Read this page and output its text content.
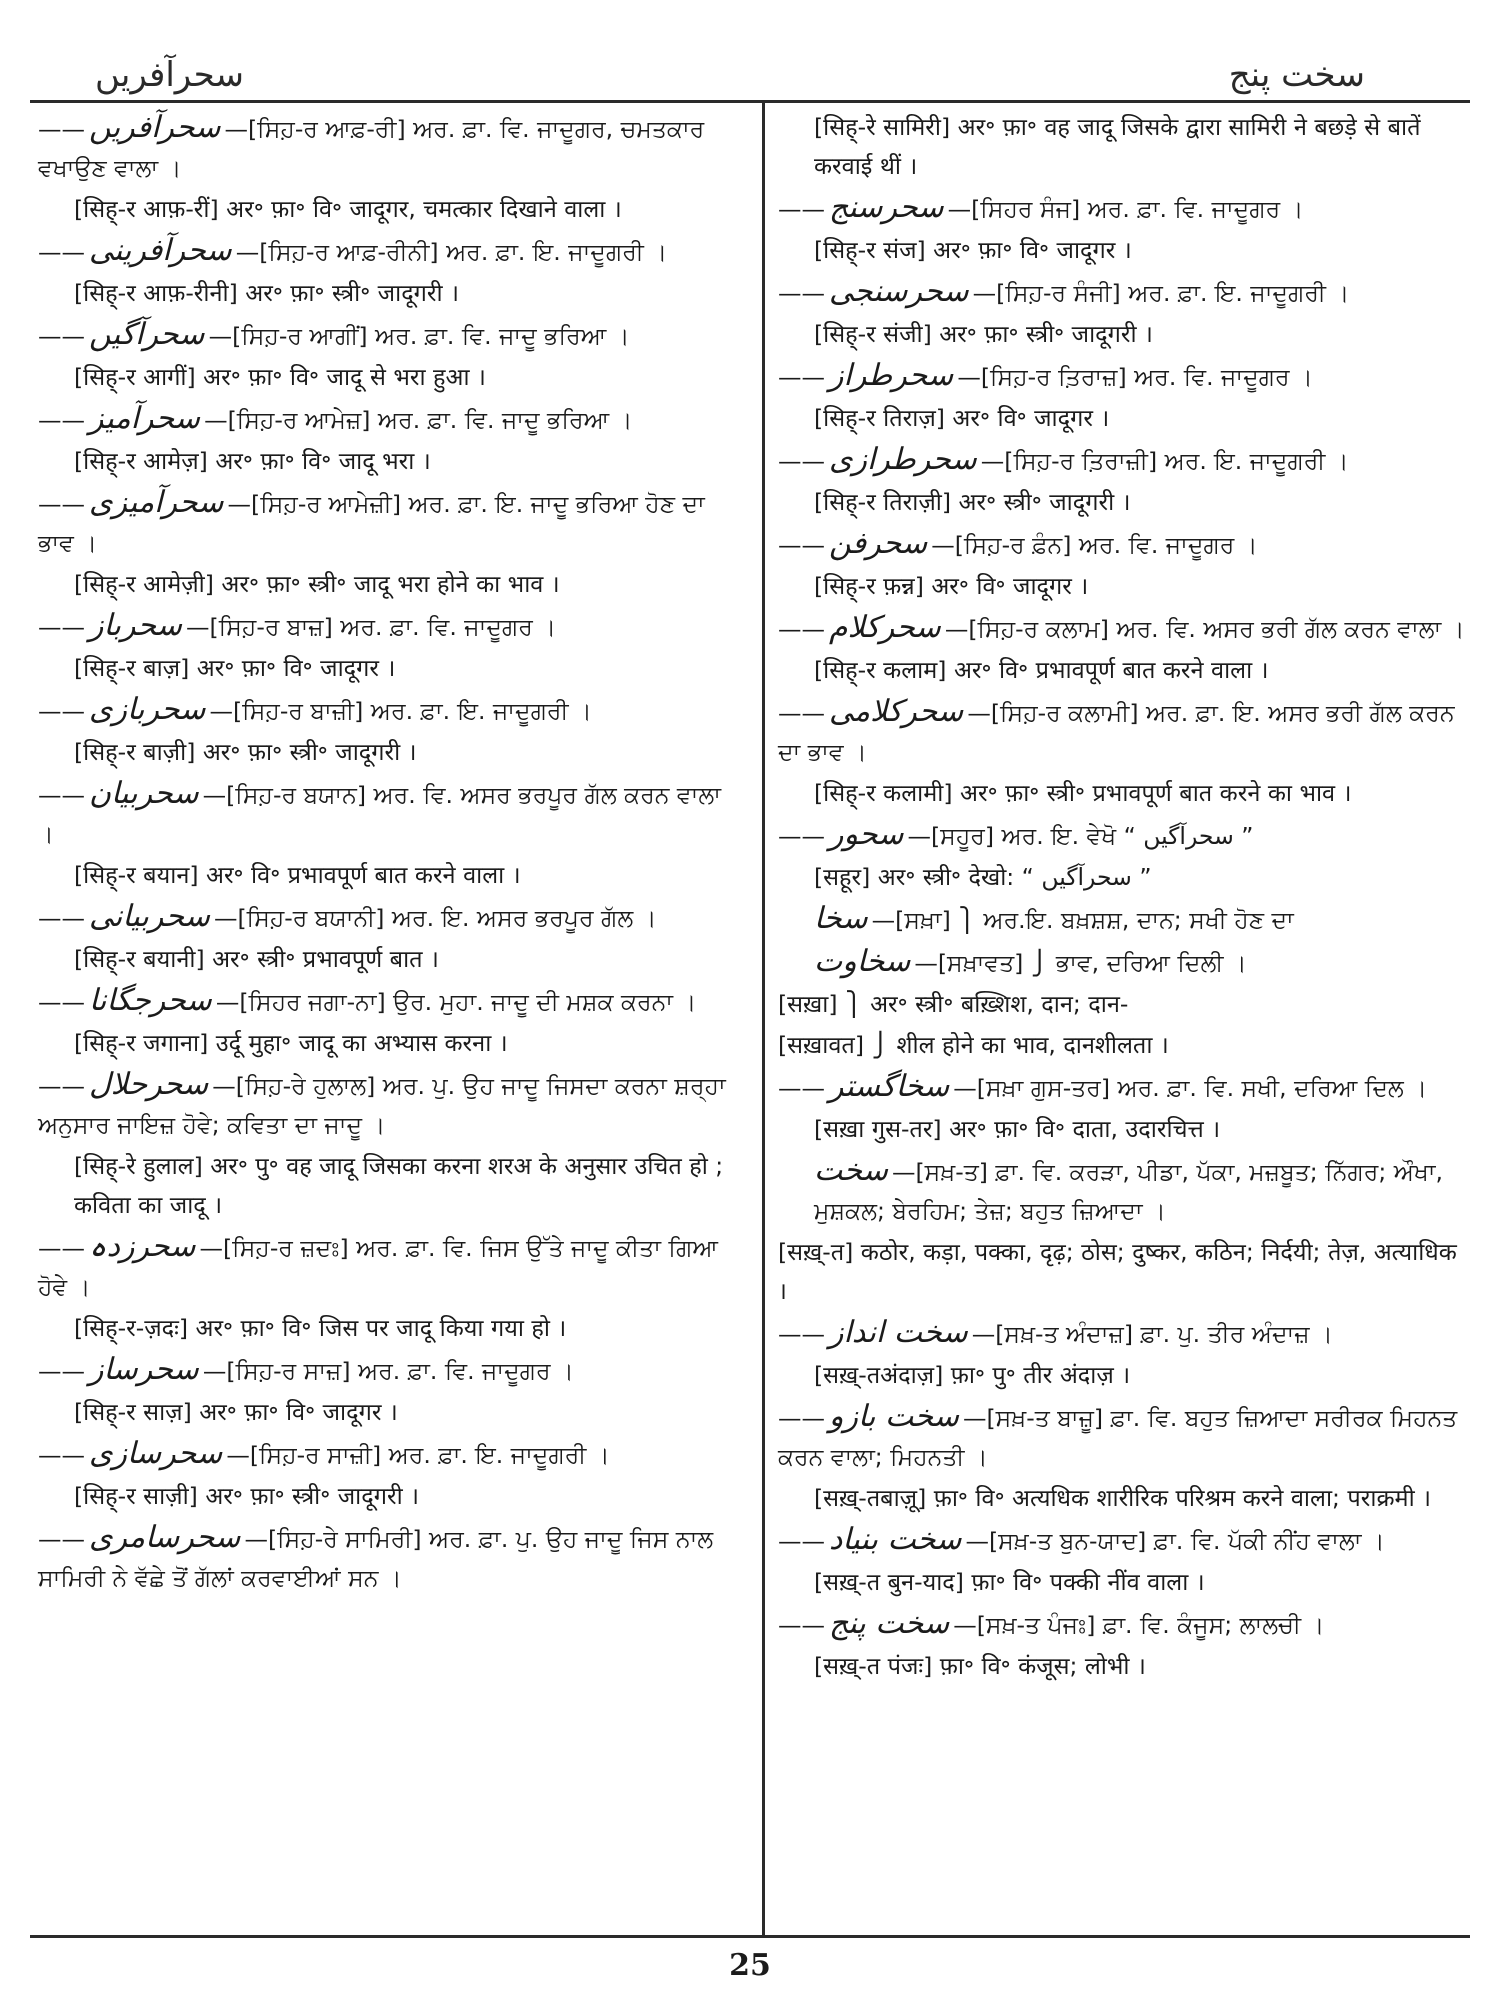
سحرآفریں	سخت پنج
—— سحرآفریں —[ਸਿਹ਼-ਰ ਆਫ਼-ਰੀ] ਅਰ. ਫ਼ਾ. ਵਿ. ਜਾਦੂਗਰ, ਚਮਤਕਾਰ ਵਖਾਉਣ ਵਾਲਾ ।
[सिह्-र आफ़-रीं] अर॰ फ़ा॰ वि॰ जादूगर, चमत्कार दिखाने वाला ।
—— سحرآفرینی —[ਸਿਹ਼-ਰ ਆਫ਼-ਰੀਨੀ] ਅਰ. ਫ਼ਾ. ਇ. ਜਾਦੂਗਰੀ ।
[सिह्-र आफ़-रीनी] अर॰ फ़ा॰ स्त्री॰ जादूगरी ।
—— سحرآگیں —[ਸਿਹ਼-ਰ ਆਗੀਂ] ਅਰ. ਫ਼ਾ. ਵਿ. ਜਾਦੂ ਭਰਿਆ ।
[सिह्-र आगीं] अर॰ फ़ा॰ वि॰ जादू से भरा हुआ ।
—— سحرآمیز —[ਸਿਹ਼-ਰ ਆਮੇਜ਼] ਅਰ. ਫ਼ਾ. ਵਿ. ਜਾਦੂ ਭਰਿਆ ।
[सिह्-र आमेज़] अर॰ फ़ा॰ वि॰ जादू भरा ।
—— سحرآمیزی —[ਸਿਹ਼-ਰ ਆਮੇਜ਼ੀ] ਅਰ. ਫ਼ਾ. ਇ. ਜਾਦੂ ਭਰਿਆ ਹੋਣ ਦਾ ਭਾਵ ।
[सिह्-र आमेज़ी] अर॰ फ़ा॰ स्त्री॰ जादू भरा होने का भाव ।
—— سحرباز —[ਸਿਹ਼-ਰ ਬਾਜ਼] ਅਰ. ਫ਼ਾ. ਵਿ. ਜਾਦੂਗਰ ।
[सिह्-र बाज़] अर॰ फ़ा॰ वि॰ जादूगर ।
—— سحربازی —[ਸਿਹ਼-ਰ ਬਾਜ਼ੀ] ਅਰ. ਫ਼ਾ. ਇ. ਜਾਦੂਗਰੀ ।
[सिह्-र बाज़ी] अर॰ फ़ा॰ स्त्री॰ जादूगरी ।
—— سحربیان —[ਸਿਹ਼-ਰ ਬਯਾਨ] ਅਰ. ਵਿ. ਅਸਰ ਭਰਪੂਰ ਗੱਲ ਕਰਨ ਵਾਲਾ ।
[सिह्-र बयान] अर॰ वि॰ प्रभावपूर्ण बात करने वाला ।
—— سحربیانی —[ਸਿਹ਼-ਰ ਬਯਾਨੀ] ਅਰ. ਇ. ਅਸਰ ਭਰਪੂਰ ਗੱਲ ।
[सिह्-र बयानी] अर॰ स्त्री॰ प्रभावपूर्ण बात ।
—— سحرجگانا —[ਸਿਹਰ ਜਗਾ-ਨਾ] ਉਰ. ਮੁਹਾ. ਜਾਦੂ ਦੀ ਮਸ਼ਕ ਕਰਨਾ ।
[सिह्-र जगाना] उर्दू मुहा॰ जादू का अभ्यास करना ।
—— سحرحلال —[ਸਿਹ਼-ਰੇ ਹੁਲਾਲ] ਅਰ. ਪੁ. ਉਹ ਜਾਦੂ ਜਿਸਦਾ ਕਰਨਾ ਸ਼ਰ੍ਹਾ ਅਨੁਸਾਰ ਜਾਇਜ਼ ਹੋਵੇ; ਕਵਿਤਾ ਦਾ ਜਾਦੂ ।
[सिह्-रे हुलाल] अर॰ पु॰ वह जादू जिसका करना शरअ के अनुसार उचित हो ; कविता का जादू ।
—— سحرزدہ —[ਸਿਹ਼-ਰ ਜ਼ਦਃ] ਅਰ. ਫ਼ਾ. ਵਿ. ਜਿਸ ਉੱਤੇ ਜਾਦੂ ਕੀਤਾ ਗਿਆ ਹੋਵੇ ।
[सिह्-र-ज़दः] अर॰ फ़ा॰ वि॰ जिस पर जादू किया गया हो ।
—— سحرساز —[ਸਿਹ਼-ਰ ਸਾਜ਼] ਅਰ. ਫ਼ਾ. ਵਿ. ਜਾਦੂਗਰ ।
[सिह्-र साज़] अर॰ फ़ा॰ वि॰ जादूगर ।
—— سحرسازی —[ਸਿਹ਼-ਰ ਸਾਜ਼ੀ] ਅਰ. ਫ਼ਾ. ਇ. ਜਾਦੂਗਰੀ ।
[सिह्-र साज़ी] अर॰ फ़ा॰ स्त्री॰ जादूगरी ।
—— سحرسامری —[ਸਿਹ਼-ਰੇ ਸਾਮਿਰੀ] ਅਰ. ਫ਼ਾ. ਪੁ. ਉਹ ਜਾਦੂ ਜਿਸ ਨਾਲ ਸਾਮਿਰੀ ਨੇ ਵੱਛੇ ਤੋਂ ਗੱਲਾਂ ਕਰਵਾਈਆਂ ਸਨ ।
[सिह्-रे सामिरी] अर॰ फ़ा॰ वह जादू जिसके द्वारा सामिरी ने बछड़े से बातें करवाई थीं ।
—— سحرسنج —[ਸਿਹਰ ਸੰਜ] ਅਰ. ਫ਼ਾ. ਵਿ. ਜਾਦੂਗਰ ।
[सिह्-र संज] अर॰ फ़ा॰ वि॰ जादूगर ।
—— سحرسنجی —[ਸਿਹ਼-ਰ ਸੰਜੀ] ਅਰ. ਫ਼ਾ. ਇ. ਜਾਦੂਗਰੀ ।
[सिह्-र संजी] अर॰ फ़ा॰ स्त्री॰ जादूगरी ।
—— سحرطراز —[ਸਿਹ਼-ਰ ਤ਼ਿਰਾਜ਼] ਅਰ. ਵਿ. ਜਾਦੂਗਰ ।
[सिह्-र तिराज़] अर॰ वि॰ जादूगर ।
—— سحرطرازی —[ਸਿਹ਼-ਰ ਤ਼ਿਰਾਜ਼ੀ] ਅਰ. ਇ. ਜਾਦੂਗਰੀ ।
[सिह्-र तिराज़ी] अर॰ स्त्री॰ जादूगरी ।
—— سحرفن —[ਸਿਹ਼-ਰ ਫ਼ੰਨ] ਅਰ. ਵਿ. ਜਾਦੂਗਰ ।
[सिह्-र फ़न्न] अर॰ वि॰ जादूगर ।
—— سحرکلام —[ਸਿਹ਼-ਰ ਕਲਾਮ] ਅਰ. ਵਿ. ਅਸਰ ਭਰੀ ਗੱਲ ਕਰਨ ਵਾਲਾ ।
[सिह्-र कलाम] अर॰ वि॰ प्रभावपूर्ण बात करने वाला ।
—— سحرکلامی —[ਸਿਹ਼-ਰ ਕਲਾਮੀ] ਅਰ. ਫ਼ਾ. ਇ. ਅਸਰ ਭਰੀ ਗੱਲ ਕਰਨ ਦਾ ਭਾਵ ।
[सिह्-र कलामी] अर॰ फ़ा॰ स्त्री॰ प्रभावपूर्ण बात करने का भाव ।
—— سحور —[ਸਹੂਰ] ਅਰ. ਇ. ਵੇਖੋ “ سحرآگیں ”
[सहूर] अर॰ स्त्री॰ देखो: “ سحرآگیں ”
سخا —[ਸਖ਼ਾ] ⎫ ਅਰ.ਇ. ਬਖ਼ਸ਼ਸ਼, ਦਾਨ; ਸਖੀ ਹੋਣ ਦਾ
سخاوت —[ਸਖ਼ਾਵਤ] ⎭ ਭਾਵ, ਦਰਿਆ ਦਿਲੀ ।
[सख़ा] ⎫ अर॰ स्त्री॰ बख़्शिश, दान; दान-
[सख़ावत] ⎭ शील होने का भाव, दानशीलता ।
—— سخاگستر —[ਸਖ਼ਾ ਗੁਸ-ਤਰ] ਅਰ. ਫ਼ਾ. ਵਿ. ਸਖੀ, ਦਰਿਆ ਦਿਲ ।
[सख़ा गुस-तर] अर॰ फ़ा॰ वि॰ दाता, उदारचित्त ।
سخت —[ਸਖ਼-ਤ] ਫ਼ਾ. ਵਿ. ਕਰੜਾ, ਪੀਡਾ, ਪੱਕਾ, ਮਜ਼ਬੂਤ; ਨਿੱਗਰ; ਔਖਾ, ਮੁਸ਼ਕਲ; ਬੇਰਹਿਮ; ਤੇਜ਼; ਬਹੁਤ ਜ਼ਿਆਦਾ ।
[सख़्-त] कठोर, कड़ा, पक्का, दृढ़; ठोस; दुष्कर, कठिन; निर्दयी; तेज़, अत्याधिक ।
—— سخت انداز —[ਸਖ਼-ਤ ਅੰਦਾਜ਼] ਫ਼ਾ. ਪੁ. ਤੀਰ ਅੰਦਾਜ਼ ।
[सख़्-तअंदाज़] फ़ा॰ पु॰ तीर अंदाज़ ।
—— سخت بازو —[ਸਖ਼-ਤ ਬਾਜ਼ੂ] ਫ਼ਾ. ਵਿ. ਬਹੁਤ ਜ਼ਿਆਦਾ ਸਰੀਰਕ ਮਿਹਨਤ ਕਰਨ ਵਾਲਾ; ਮਿਹਨਤੀ ।
[सख़्-तबाज़ू] फ़ा॰ वि॰ अत्यधिक शारीरिक परिश्रम करने वाला; पराक्रमी ।
—— سخت بنیاد —[ਸਖ਼-ਤ ਬੁਨ-ਯਾਦ] ਫ਼ਾ. ਵਿ. ਪੱਕੀ ਨੀਂਹ ਵਾਲਾ ।
[सख़्-त बुन-याद] फ़ा॰ वि॰ पक्की नींव वाला ।
—— سخت پنج —[ਸਖ਼-ਤ ਪੰਜਃ] ਫ਼ਾ. ਵਿ. ਕੰਜੂਸ; ਲਾਲਚੀ ।
[सख़्-त पंजः] फ़ा॰ वि॰ कंजूस; लोभी ।
25
